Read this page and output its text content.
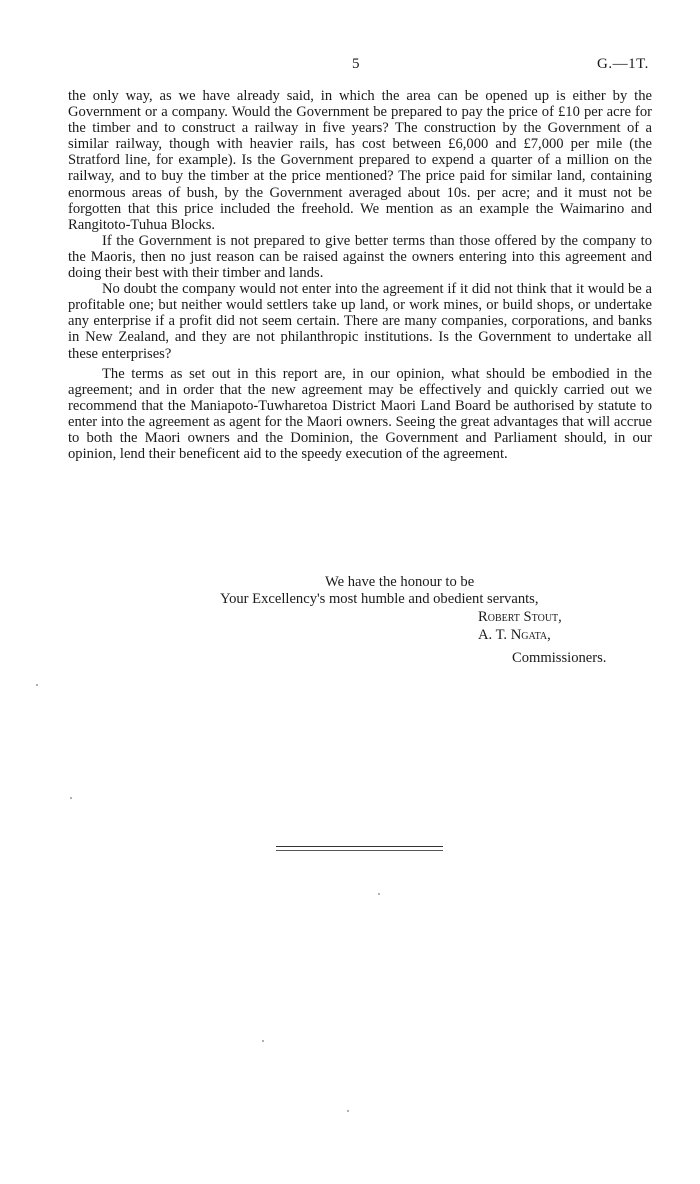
5	G.—1T.

the only way, as we have already said, in which the area can be opened up is either by the Government or a company. Would the Government be prepared to pay the price of £10 per acre for the timber and to construct a railway in five years? The construction by the Government of a similar railway, though with heavier rails, has cost between £6,000 and £7,000 per mile (the Stratford line, for example). Is the Government prepared to expend a quarter of a million on the railway, and to buy the timber at the price mentioned? The price paid for similar land, containing enormous areas of bush, by the Government averaged about 10s. per acre; and it must not be forgotten that this price included the freehold. We mention as an example the Waimarino and Rangitoto-Tuhua Blocks.

If the Government is not prepared to give better terms than those offered by the company to the Maoris, then no just reason can be raised against the owners entering into this agreement and doing their best with their timber and lands.

No doubt the company would not enter into the agreement if it did not think that it would be a profitable one; but neither would settlers take up land, or work mines, or build shops, or undertake any enterprise if a profit did not seem certain. There are many companies, corporations, and banks in New Zealand, and they are not philanthropic institutions. Is the Government to undertake all these enterprises?

The terms as set out in this report are, in our opinion, what should be embodied in the agreement; and in order that the new agreement may be effectively and quickly carried out we recommend that the Maniapoto-Tuwharetoa District Maori Land Board be authorised by statute to enter into the agreement as agent for the Maori owners. Seeing the great advantages that will accrue to both the Maori owners and the Dominion, the Government and Parliament should, in our opinion, lend their beneficent aid to the speedy execution of the agreement.

We have the honour to be
Your Excellency's most humble and obedient servants,
Robert Stout,
A. T. Ngata,
Commissioners.
